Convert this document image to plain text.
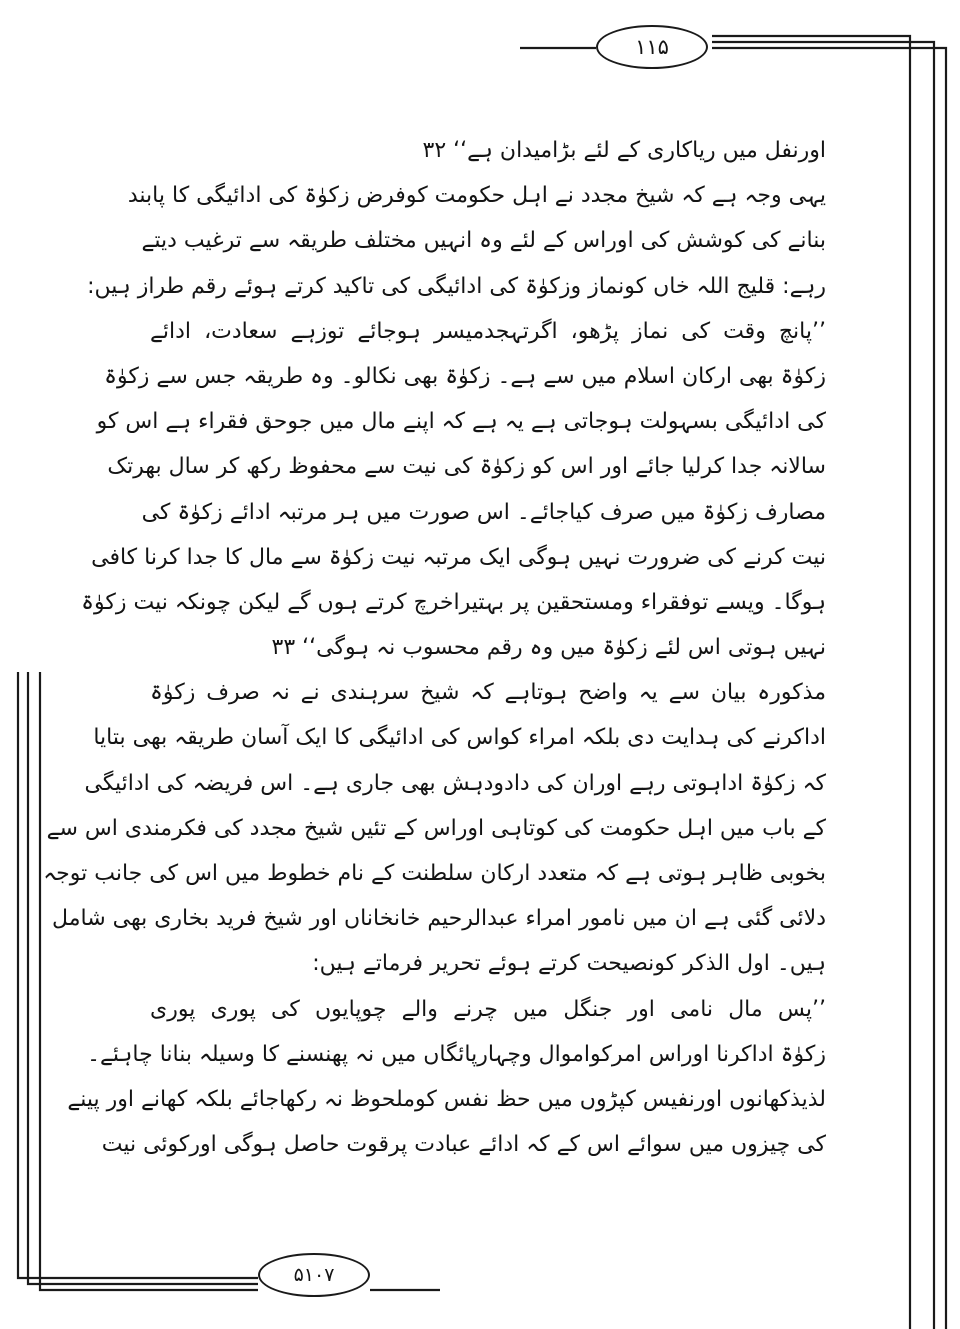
۱۱۵
اورنفل میں ریاکاری کے لئے بڑامیدان ہے‘‘ ۳۲
یہی وجہ ہے کہ شیخ مجدد نے اہل حکومت کوفرض زکوٰۃ کی ادائیگی کا پابند
بنانے کی کوشش کی اوراس کے لئے وہ انہیں مختلف طریقہ سے ترغیب دیتے
رہے: قلیج اللہ خاں کونماز وزکوٰۃ کی ادائیگی کی تاکید کرتے ہوئے رقم طراز ہیں:
’’پانچ وقت کی نماز پڑھو، اگرتہجدمیسر ہوجائے توزہے سعادت، ادائے
زکوٰۃ بھی ارکان اسلام میں سے ہے۔ زکوٰۃ بھی نکالو۔ وہ طریقہ جس سے زکوٰۃ
کی ادائیگی بسہولت ہوجاتی ہے یہ ہے کہ اپنے مال میں جوحق فقراء ہے اس کو
سالانہ جدا کرلیا جائے اور اس کو زکوٰۃ کی نیت سے محفوظ رکھ کر سال بھرتک
مصارف زکوٰۃ میں صرف کیاجائے۔ اس صورت میں ہر مرتبہ ادائے زکوٰۃ کی
نیت کرنے کی ضرورت نہیں ہوگی ایک مرتبہ نیت زکوٰۃ سے مال کا جدا کرنا کافی
ہوگا۔ ویسے توفقراء ومستحقین پر بہتیراخرچ کرتے ہوں گے لیکن چونکہ نیت زکوٰۃ
نہیں ہوتی اس لئے زکوٰۃ میں وہ رقم محسوب نہ ہوگی‘‘ ۳۳
مذکورہ بیان سے یہ واضح ہوتاہے کہ شیخ سرہندی نے نہ صرف زکوٰۃ
اداکرنے کی ہدایت دی بلکہ امراء کواس کی ادائیگی کا ایک آسان طریقہ بھی بتایا
کہ زکوٰۃ اداہوتی رہے اوران کی دادودہش بھی جاری ہے۔ اس فریضہ کی ادائیگی
کے باب میں اہل حکومت کی کوتاہی اوراس کے تئیں شیخ مجدد کی فکرمندی اس سے
بخوبی ظاہر ہوتی ہے کہ متعدد ارکان سلطنت کے نام خطوط میں اس کی جانب توجہ
دلائی گئی ہے ان میں نامور امراء عبدالرحیم خانخاناں اور شیخ فرید بخاری بھی شامل
ہیں۔ اول الذکر کونصیحت کرتے ہوئے تحریر فرماتے ہیں:
’’پس مال نامی اور جنگل میں چرنے والے چوپایوں کی پوری پوری
زکوٰۃ اداکرنا اوراس امرکواموال وچہارپائگاں میں نہ پھنسنے کا وسیلہ بنانا چاہئے۔
لذیذکھانوں اورنفیس کپڑوں میں حظ نفس کوملحوظ نہ رکھاجائے بلکہ کھانے اور پینے
کی چیزوں میں سوائے اس کے کہ ادائے عبادت پرقوت حاصل ہوگی اورکوئی نیت
۵۱۰۷
